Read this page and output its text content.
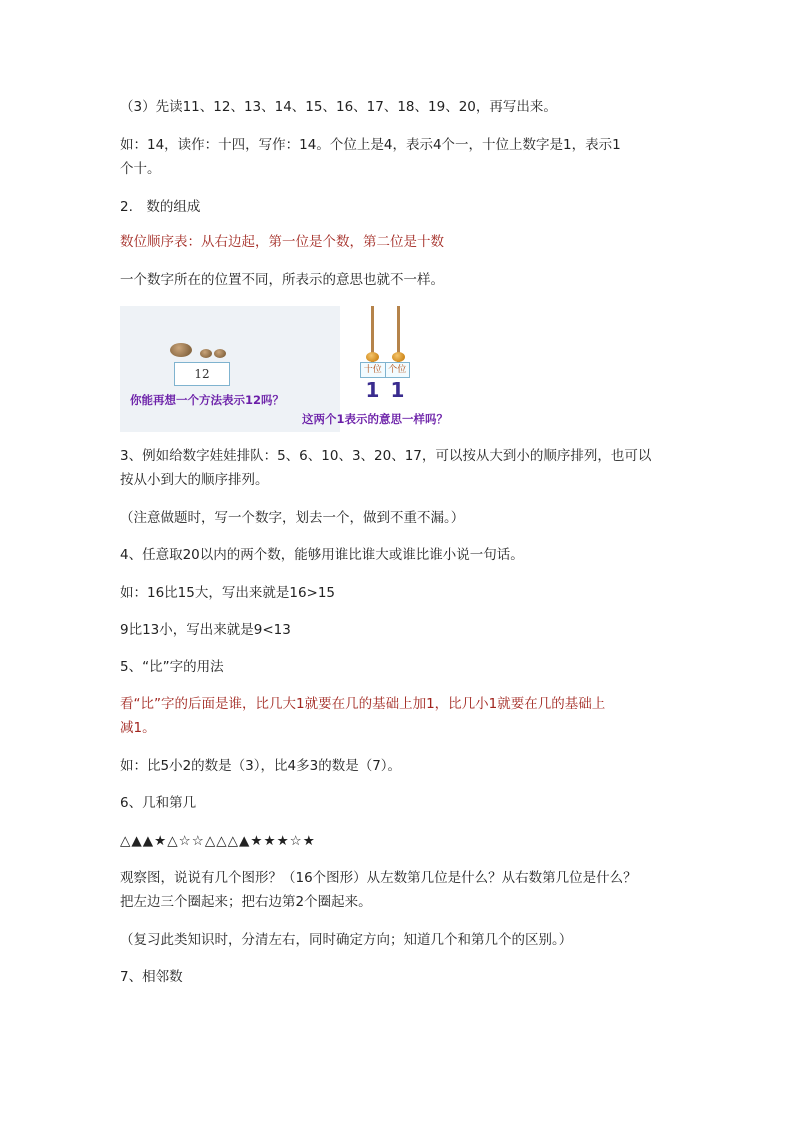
（3）先读11、12、13、14、15、16、17、18、19、20，再写出来。
如：14，读作：十四，写作：14。个位上是4，表示4个一，十位上数字是1，表示1
个十。
2.　数的组成
数位顺序表：从右边起，第一位是个数，第二位是十数
一个数字所在的位置不同，所表示的意思也就不一样。
12
你能再想一个方法表示12吗？
十位 个位
1 1
这两个1表示的意思一样吗？
3、例如给数字娃娃排队：5、6、10、3、20、17，可以按从大到小的顺序排列，也可以
按从小到大的顺序排列。
（注意做题时，写一个数字，划去一个，做到不重不漏。）
4、任意取20以内的两个数，能够用谁比谁大或谁比谁小说一句话。
如：16比15大，写出来就是16>15
9比13小，写出来就是9<13
5、“比”字的用法
看“比”字的后面是谁，比几大1就要在几的基础上加1，比几小1就要在几的基础上
减1。
如：比5小2的数是（3），比4多3的数是（7）。
6、几和第几
△▲▲★△☆☆△△△▲★★★☆★
观察图，说说有几个图形？（16个图形）从左数第几位是什么？从右数第几位是什么？
把左边三个圈起来；把右边第2个圈起来。
（复习此类知识时，分清左右，同时确定方向；知道几个和第几个的区别。）
7、相邻数
